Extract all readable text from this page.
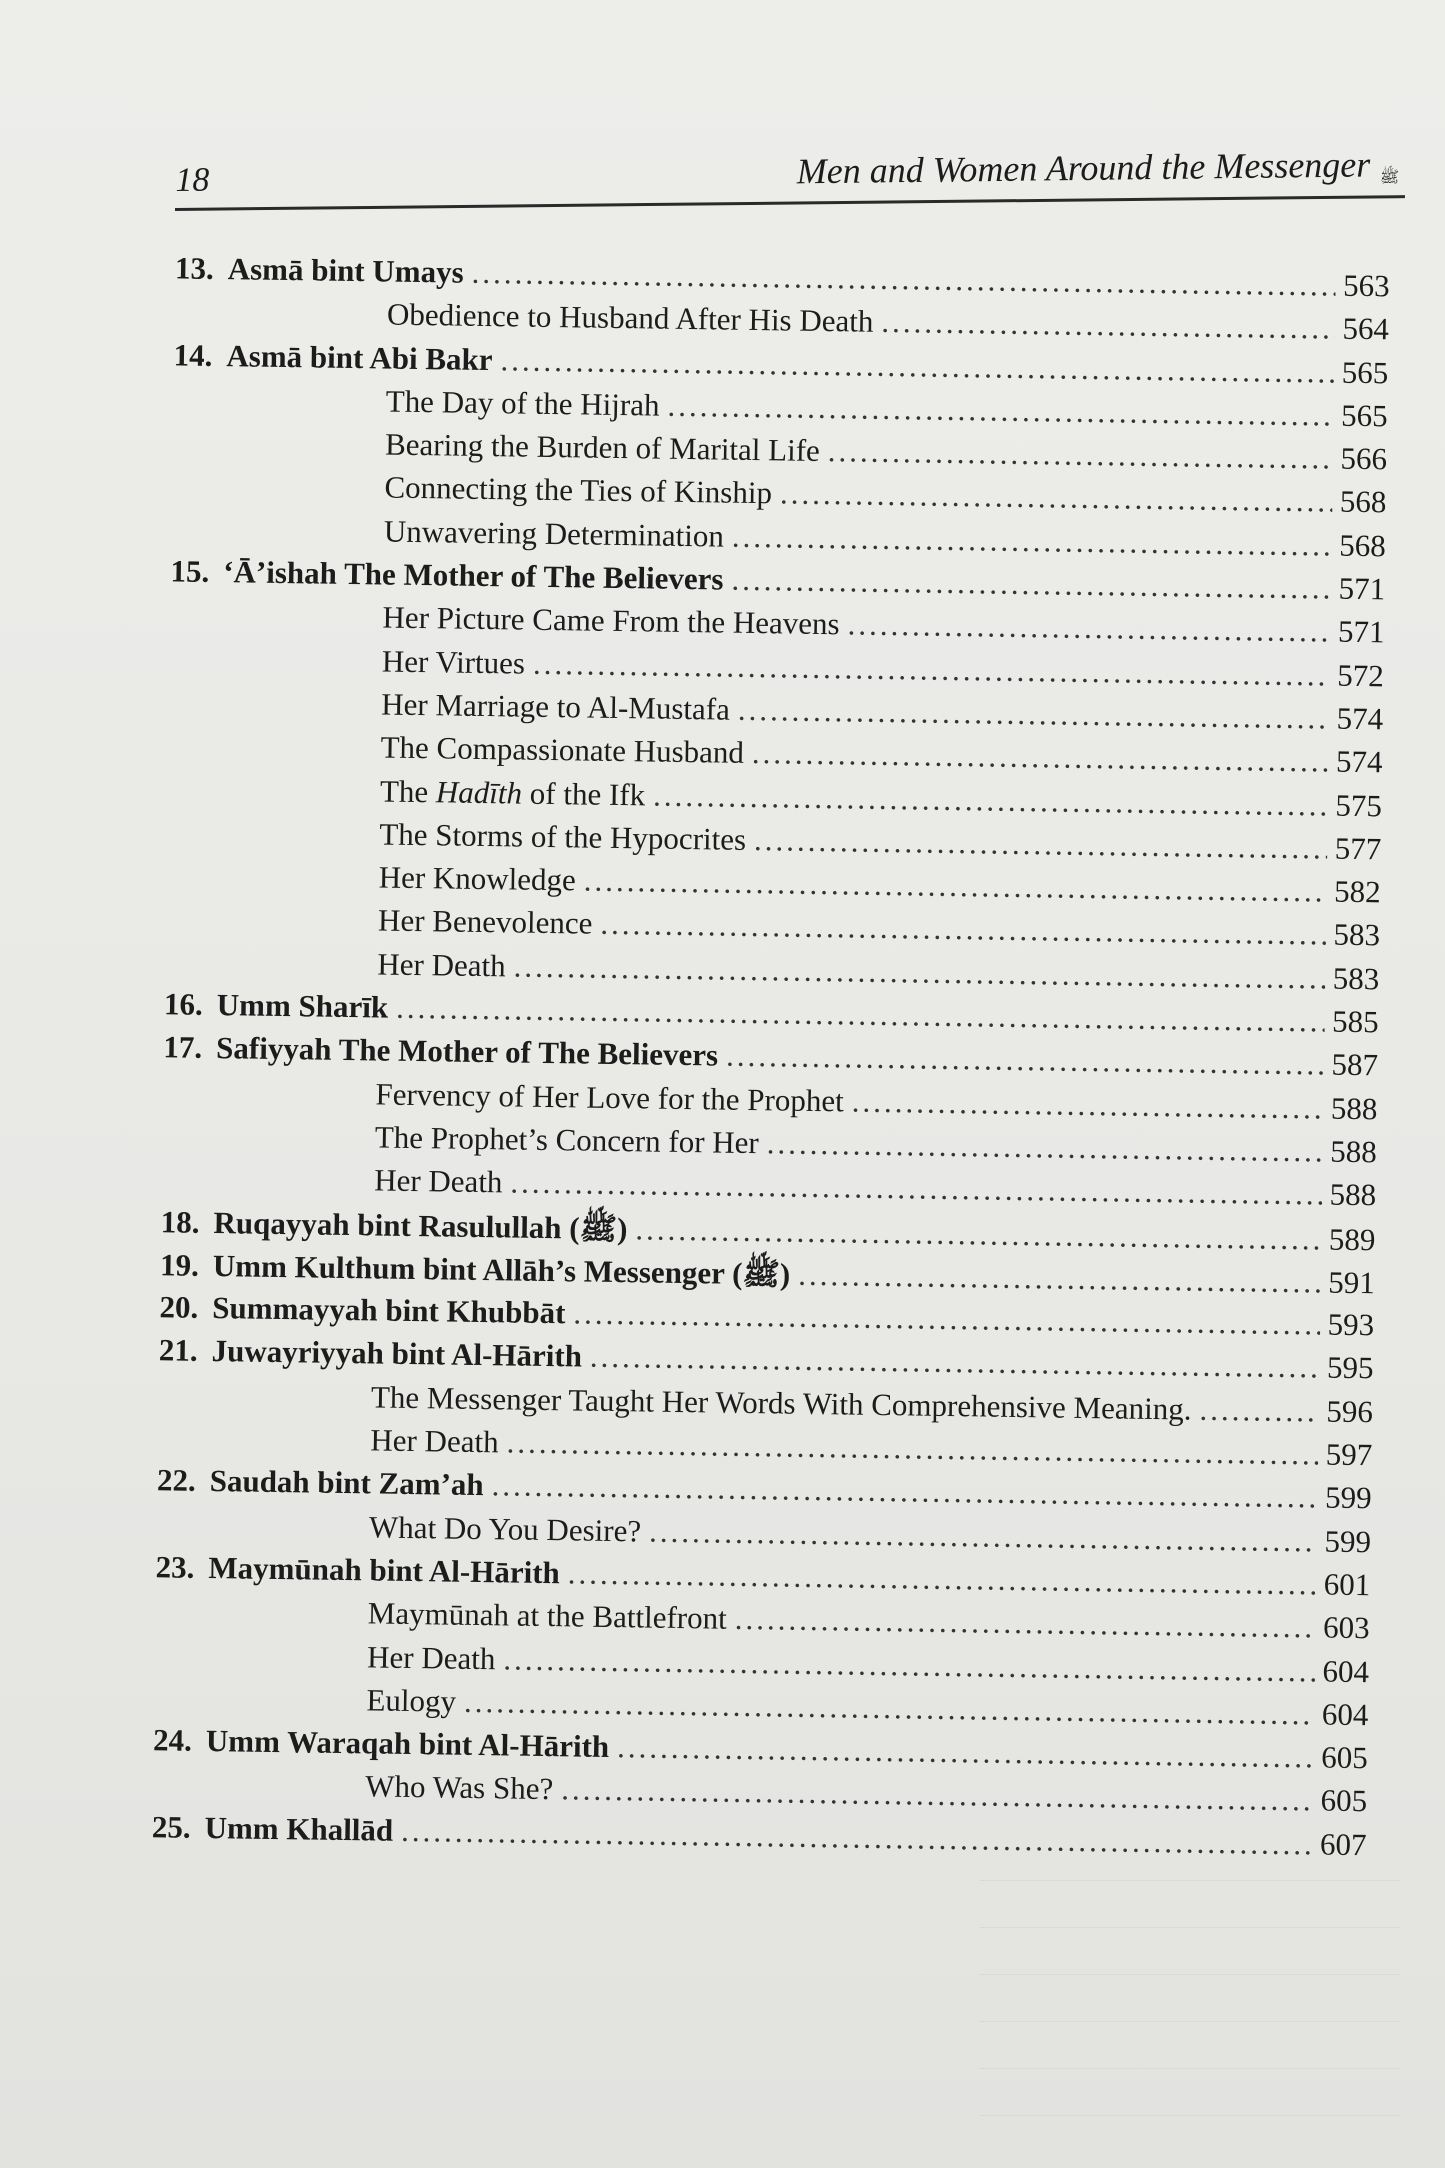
18	Men and Women Around the Messenger ﷺ
13. Asmā bint Umays .....	563
Obedience to Husband After His Death .....	564
14. Asmā bint Abi Bakr .....	565
The Day of the Hijrah .....	565
Bearing the Burden of Marital Life .....	566
Connecting the Ties of Kinship .....	568
Unwavering Determination .....	568
15. ‘Ā’ishah The Mother of The Believers .....	571
Her Picture Came From the Heavens .....	571
Her Virtues .....	572
Her Marriage to Al-Mustafa .....	574
The Compassionate Husband .....	574
The Hadīth of the Ifk .....	575
The Storms of the Hypocrites .....	577
Her Knowledge .....	582
Her Benevolence .....	583
Her Death .....	583
16. Umm Sharīk .....	585
17. Safiyyah The Mother of The Believers .....	587
Fervency of Her Love for the Prophet .....	588
The Prophet’s Concern for Her .....	588
Her Death .....	588
18. Ruqayyah bint Rasulullah (ﷺ) .....	589
19. Umm Kulthum bint Allāh’s Messenger (ﷺ) .....	591
20. Summayyah bint Khubbāt .....	593
21. Juwayriyyah bint Al-Hārith .....	595
The Messenger Taught Her Words With Comprehensive Meaning. .....	596
Her Death .....	597
22. Saudah bint Zam’ah .....	599
What Do You Desire? .....	599
23. Maymūnah bint Al-Hārith .....	601
Maymūnah at the Battlefront .....	603
Her Death .....	604
Eulogy .....	604
24. Umm Waraqah bint Al-Hārith .....	605
Who Was She? .....	605
25. Umm Khallād .....	607
